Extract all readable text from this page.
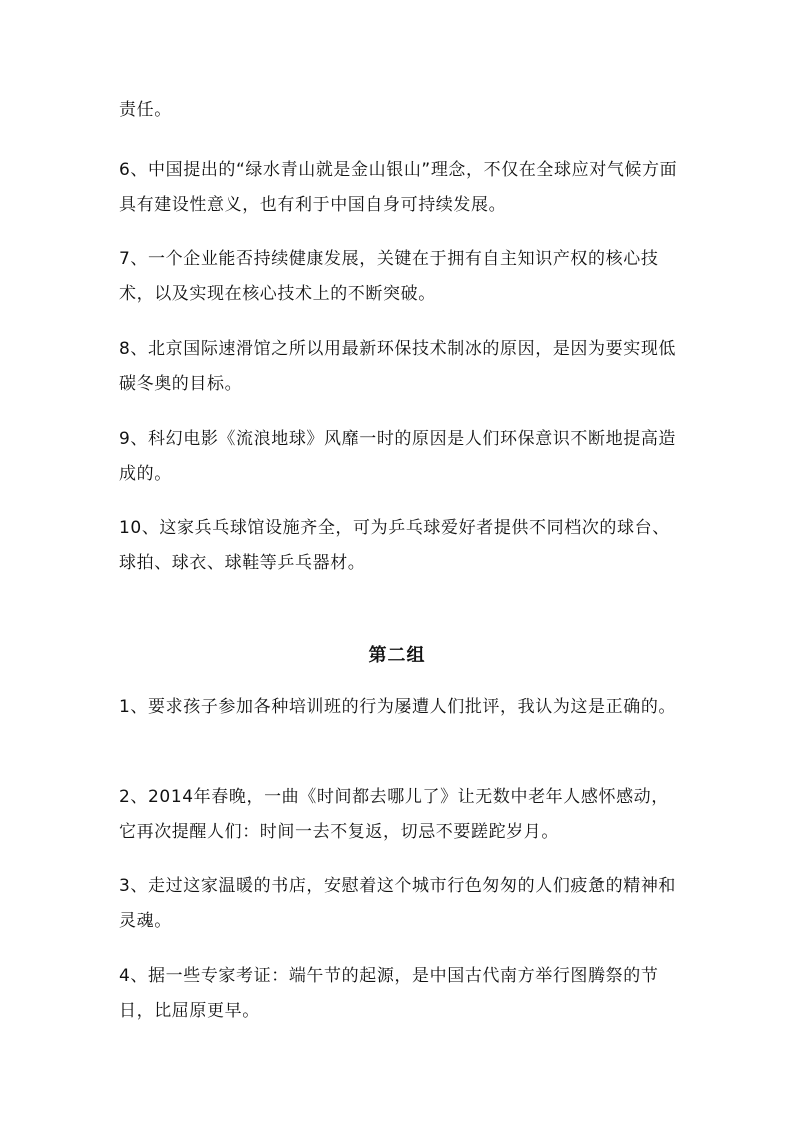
责任。

6、中国提出的“绿水青山就是金山银山”理念，不仅在全球应对气候方面具有建设性意义，也有利于中国自身可持续发展。

7、一个企业能否持续健康发展，关键在于拥有自主知识产权的核心技术，以及实现在核心技术上的不断突破。

8、北京国际速滑馆之所以用最新环保技术制冰的原因，是因为要实现低碳冬奥的目标。

9、科幻电影《流浪地球》风靡一时的原因是人们环保意识不断地提高造成的。

10、这家兵乓球馆设施齐全，可为乒乓球爱好者提供不同档次的球台、球拍、球衣、球鞋等乒乓器材。

第二组

1、要求孩子参加各种培训班的行为屡遭人们批评，我认为这是正确的。

2、2014年春晚，一曲《时间都去哪儿了》让无数中老年人感怀感动，它再次提醒人们：时间一去不复返，切忌不要蹉跎岁月。

3、走过这家温暖的书店，安慰着这个城市行色匆匆的人们疲惫的精神和灵魂。

4、据一些专家考证：端午节的起源，是中国古代南方举行图腾祭的节日，比屈原更早。
